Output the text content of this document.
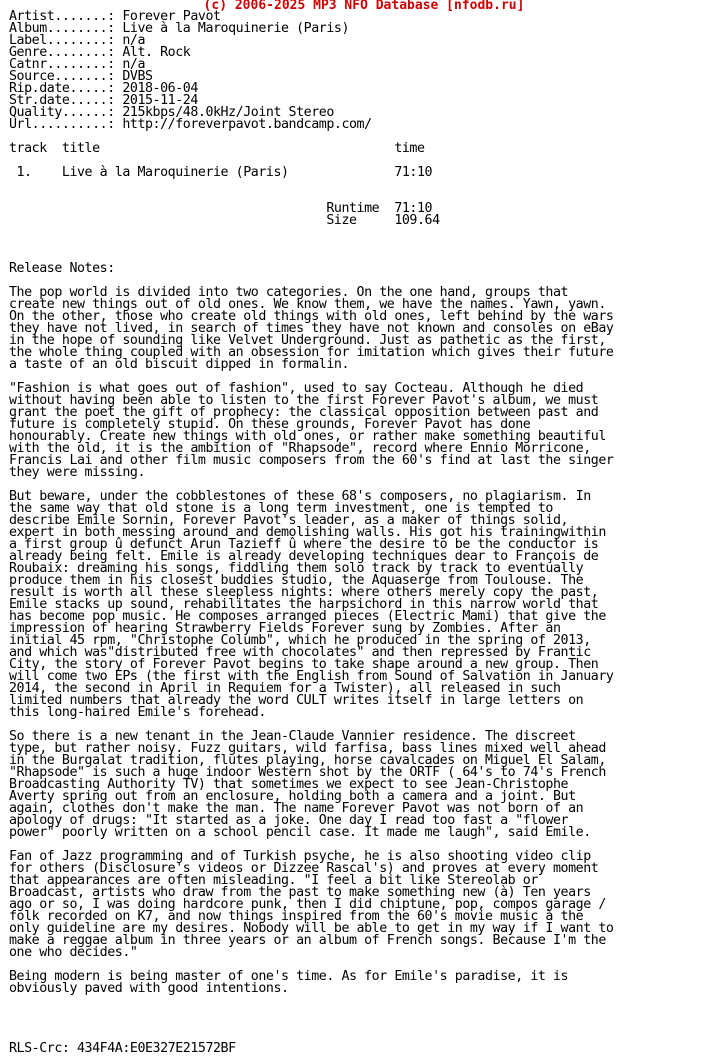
(c) 2006-2025 MP3 NFO Database [nfodb.ru]
Artist.......: Forever Pavot
Album........: Live à la Maroquinerie (Paris)
Label........: n/a
Genre........: Alt. Rock
Catnr........: n/a
Source.......: DVBS
Rip.date.....: 2018-06-04
Str.date.....: 2015-11-24
Quality......: 215kbps/48.0kHz/Joint Stereo
Url..........: http://foreverpavot.bandcamp.com/

track  title                                       time

1.    Live à la Maroquinerie (Paris)              71:10

Runtime  71:10
Size     109.64

Release Notes:

The pop world is divided into two categories. On the one hand, groups that
create new things out of old ones. We know them, we have the names. Yawn, yawn.
On the other, those who create old things with old ones, left behind by the wars
they have not lived, in search of times they have not known and consoles on eBay
in the hope of sounding like Velvet Underground. Just as pathetic as the first,
the whole thing coupled with an obsession for imitation which gives their future
a taste of an old biscuit dipped in formalin.

"Fashion is what goes out of fashion", used to say Cocteau. Although he died
without having been able to listen to the first Forever Pavot's album, we must
grant the poet the gift of prophecy: the classical opposition between past and
future is completely stupid. On these grounds, Forever Pavot has done
honourably. Create new things with old ones, or rather make something beautiful
with the old, it is the ambition of "Rhapsode", record where Ennio Morricone,
Francis Lai and other film music composers from the 60's find at last the singer
they were missing.

But beware, under the cobblestones of these 68's composers, no plagiarism. In
the same way that old stone is a long term investment, one is tempted to
describe Emile Sornin, Forever Pavot's leader, as a maker of things solid,
expert in both messing around and demolishing walls. His got his trainingwithin
a first group û defunct Arun Tazieff û where the desire to be the conductor is
already being felt. Emile is already developing techniques dear to François de
Roubaix: dreaming his songs, fiddling them solo track by track to eventually
produce them in his closest buddies studio, the Aquaserge from Toulouse. The
result is worth all these sleepless nights: where others merely copy the past,
Emile stacks up sound, rehabilitates the harpsichord in this narrow world that
has become pop music. He composes arranged pieces (Electric Mami) that give the
impression of hearing Strawberry Fields Forever sung by Zombies. After an
initial 45 rpm, "Christophe Columb", which he produced in the spring of 2013,
and which was"distributed free with chocolates" and then repressed by Frantic
City, the story of Forever Pavot begins to take shape around a new group. Then
will come two EPs (the first with the English from Sound of Salvation in January
2014, the second in April in Requiem for a Twister), all released in such
limited numbers that already the word CULT writes itself in large letters on
this long-haired Emile's forehead.

So there is a new tenant in the Jean-Claude Vannier residence. The discreet
type, but rather noisy. Fuzz guitars, wild farfisa, bass lines mixed well ahead
in the Burgalat tradition, flutes playing, horse cavalcades on Miguel El Salam,
"Rhapsode" is such a huge indoor Western shot by the ORTF ( 64's to 74's French
Broadcasting Authority TV) that sometimes we expect to see Jean-Christophe
Averty spring out from an enclosure, holding both a camera and a joint. But
again, clothes don't make the man. The name Forever Pavot was not born of an
apology of drugs: "It started as a joke. One day I read too fast a "flower
power" poorly written on a school pencil case. It made me laugh", said Emile.

Fan of Jazz programming and of Turkish psyche, he is also shooting video clip
for others (Disclosure's videos or Dizzee Rascal's) and proves at every moment
that appearances are often misleading. "I feel a bit like Stereolab or
Broadcast, artists who draw from the past to make something new (à) Ten years
ago or so, I was doing hardcore punk, then I did chiptune, pop, compos garage /
folk recorded on K7, and now things inspired from the 60's movie music à the
only guideline are my desires. Nobody will be able to get in my way if I want to
make a reggae album in three years or an album of French songs. Because I'm the
one who decides."

Being modern is being master of one's time. As for Emile's paradise, it is
obviously paved with good intentions.

RLS-Crc: 434F4A:E0E327E21572BF
